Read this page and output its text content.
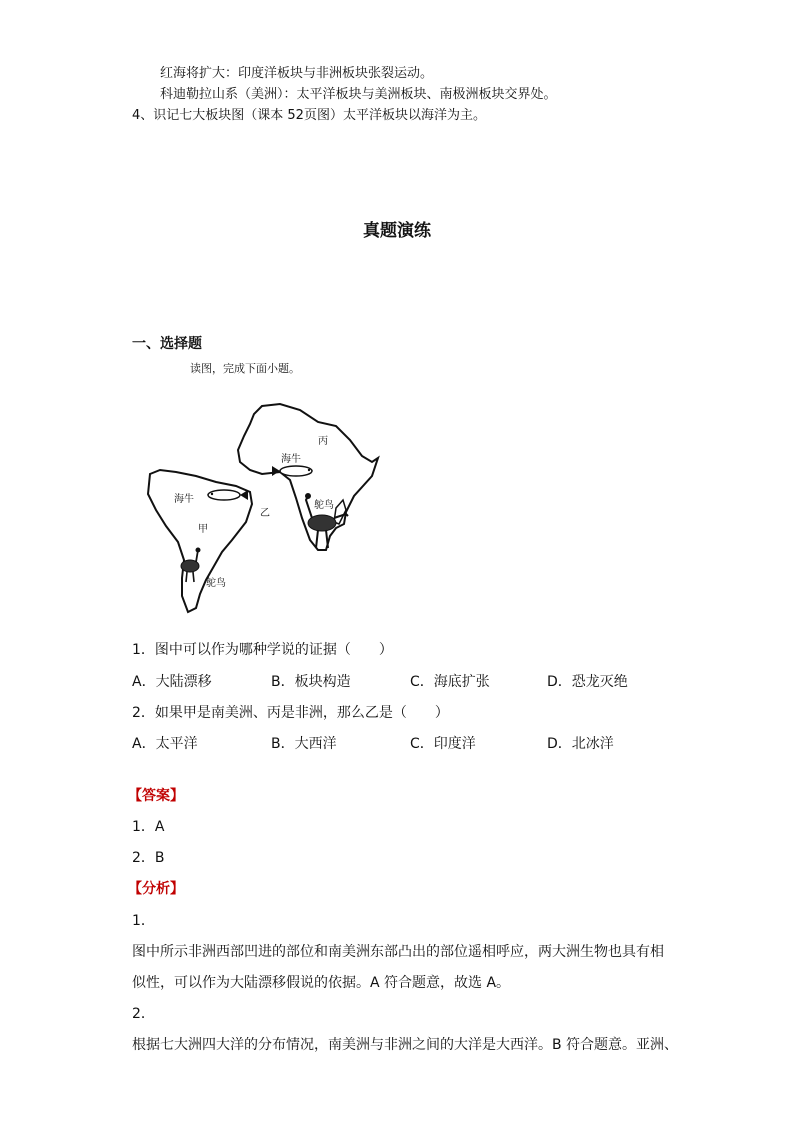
红海将扩大：印度洋板块与非洲板块张裂运动。
科迪勒拉山系（美洲）：太平洋板块与美洲板块、南极洲板块交界处。
4、识记七大板块图（课本 52页图）太平洋板块以海洋为主。
真题演练
一、选择题
读图，完成下面小题。
丙
海牛
鸵鸟
乙
海牛
甲
鸵鸟
1．图中可以作为哪种学说的证据（　　）
A．大陆漂移	B．板块构造	C．海底扩张	D．恐龙灭绝
2．如果甲是南美洲、丙是非洲，那么乙是（　　）
A．太平洋	B．大西洋	C．印度洋	D．北冰洋
【答案】
1．A
2．B
【分析】
1．
图中所示非洲西部凹进的部位和南美洲东部凸出的部位遥相呼应，两大洲生物也具有相
似性，可以作为大陆漂移假说的依据。A 符合题意，故选 A。
2．
根据七大洲四大洋的分布情况，南美洲与非洲之间的大洋是大西洋。B 符合题意。亚洲、
